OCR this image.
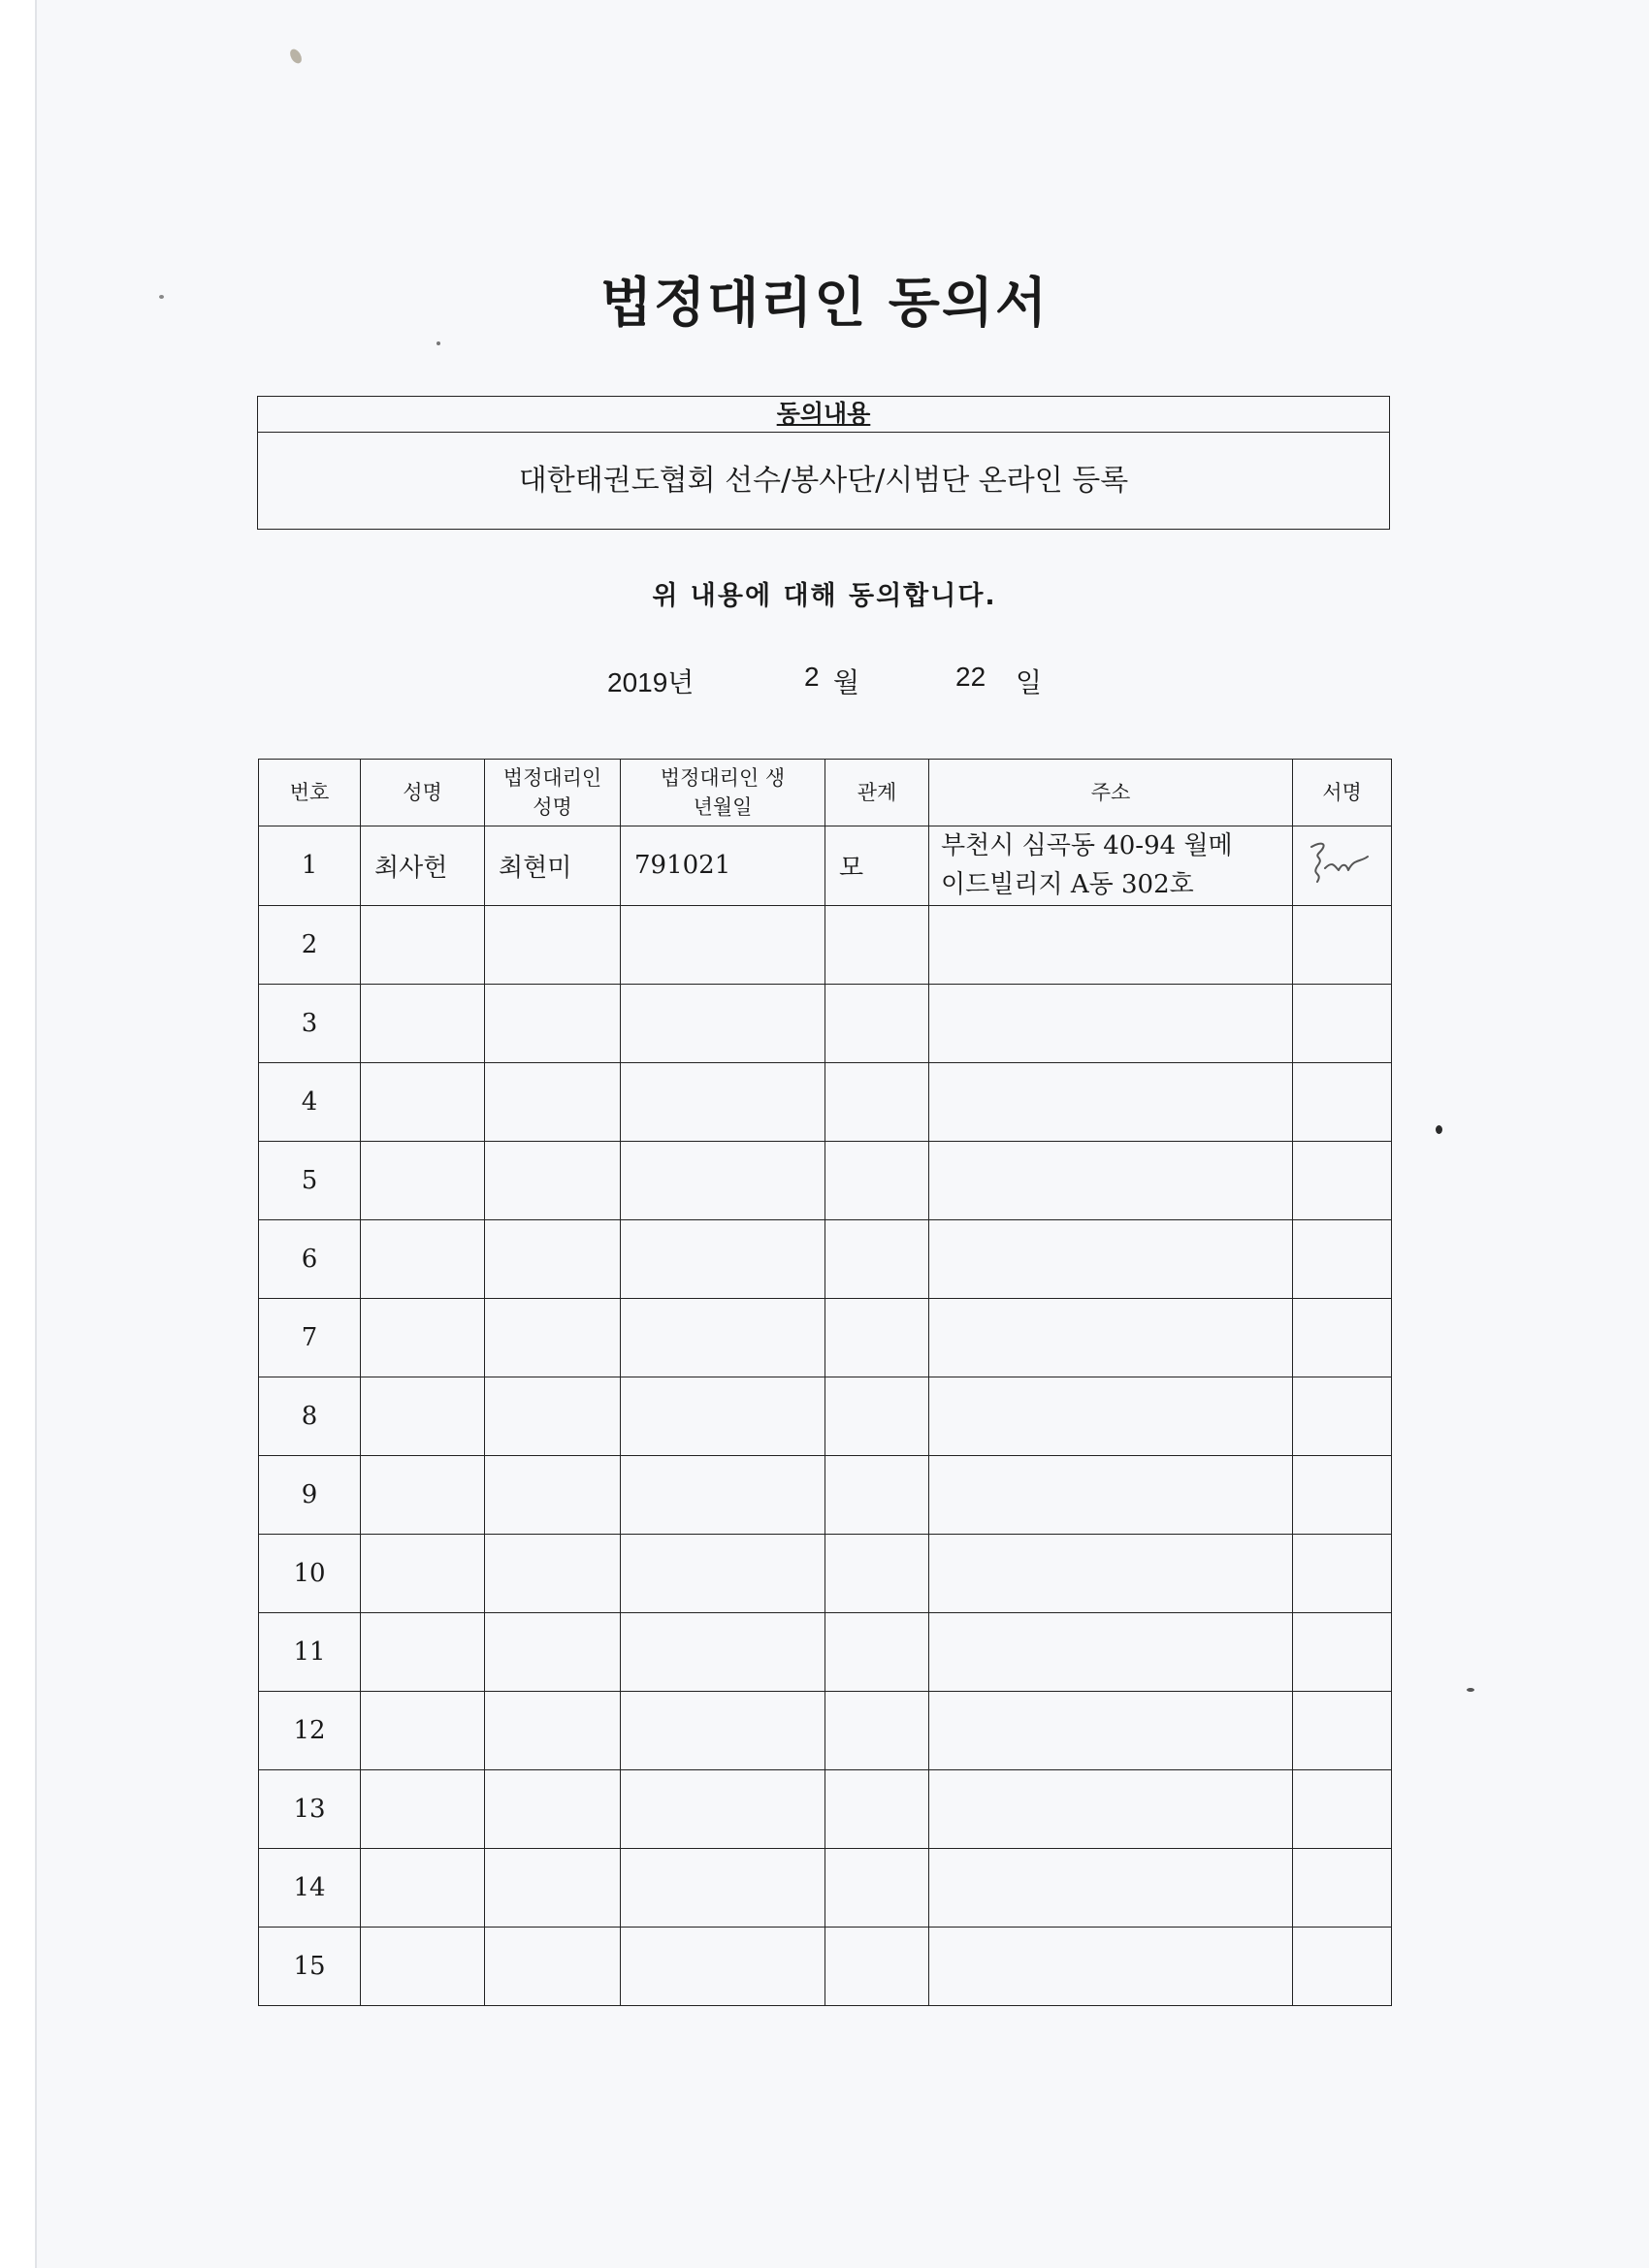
법정대리인 동의서
동의내용
대한태권도협회 선수/봉사단/시범단 온라인 등록
위 내용에 대해 동의합니다.
2019년	2 월	22 일
번호	성명	법정대리인 성명	법정대리인 생년월일	관계	주소	서명
1	최사헌	최현미	791021	모	부천시 심곡동 40-94 월메
이드빌리지 A동 302호

2					

3					

4					

5					

6					

7					

8					

9					

10					

11					

12					

13					

14					

15					
